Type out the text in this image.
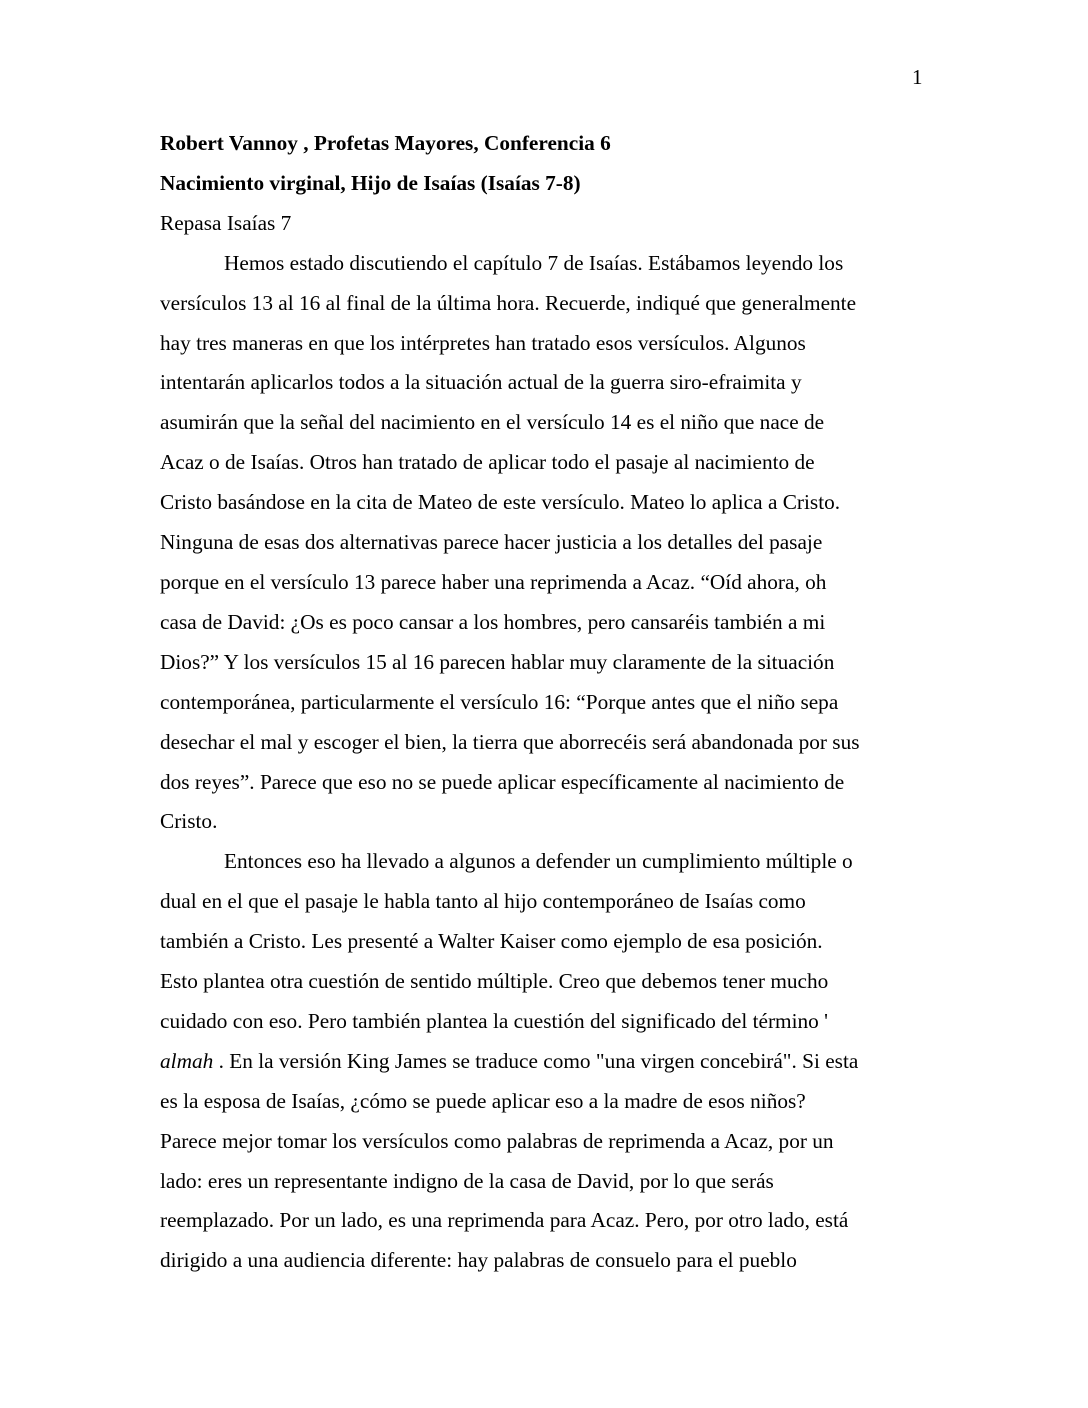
1

Robert Vannoy , Profetas Mayores, Conferencia 6

Nacimiento virginal, Hijo de Isaías (Isaías 7-8)

Repasa Isaías 7

Hemos estado discutiendo el capítulo 7 de Isaías. Estábamos leyendo los
versículos 13 al 16 al final de la última hora. Recuerde, indiqué que generalmente
hay tres maneras en que los intérpretes han tratado esos versículos. Algunos
intentarán aplicarlos todos a la situación actual de la guerra siro-efraimita y
asumirán que la señal del nacimiento en el versículo 14 es el niño que nace de
Acaz o de Isaías. Otros han tratado de aplicar todo el pasaje al nacimiento de
Cristo basándose en la cita de Mateo de este versículo. Mateo lo aplica a Cristo.
Ninguna de esas dos alternativas parece hacer justicia a los detalles del pasaje
porque en el versículo 13 parece haber una reprimenda a Acaz. “Oíd ahora, oh
casa de David: ¿Os es poco cansar a los hombres, pero cansaréis también a mi
Dios?” Y los versículos 15 al 16 parecen hablar muy claramente de la situación
contemporánea, particularmente el versículo 16: “Porque antes que el niño sepa
desechar el mal y escoger el bien, la tierra que aborrecéis será abandonada por sus
dos reyes”. Parece que eso no se puede aplicar específicamente al nacimiento de
Cristo.
Entonces eso ha llevado a algunos a defender un cumplimiento múltiple o
dual en el que el pasaje le habla tanto al hijo contemporáneo de Isaías como
también a Cristo. Les presenté a Walter Kaiser como ejemplo de esa posición.
Esto plantea otra cuestión de sentido múltiple. Creo que debemos tener mucho
cuidado con eso. Pero también plantea la cuestión del significado del término '
almah . En la versión King James se traduce como "una virgen concebirá". Si esta
es la esposa de Isaías, ¿cómo se puede aplicar eso a la madre de esos niños?
Parece mejor tomar los versículos como palabras de reprimenda a Acaz, por un
lado: eres un representante indigno de la casa de David, por lo que serás
reemplazado. Por un lado, es una reprimenda para Acaz. Pero, por otro lado, está
dirigido a una audiencia diferente: hay palabras de consuelo para el pueblo
